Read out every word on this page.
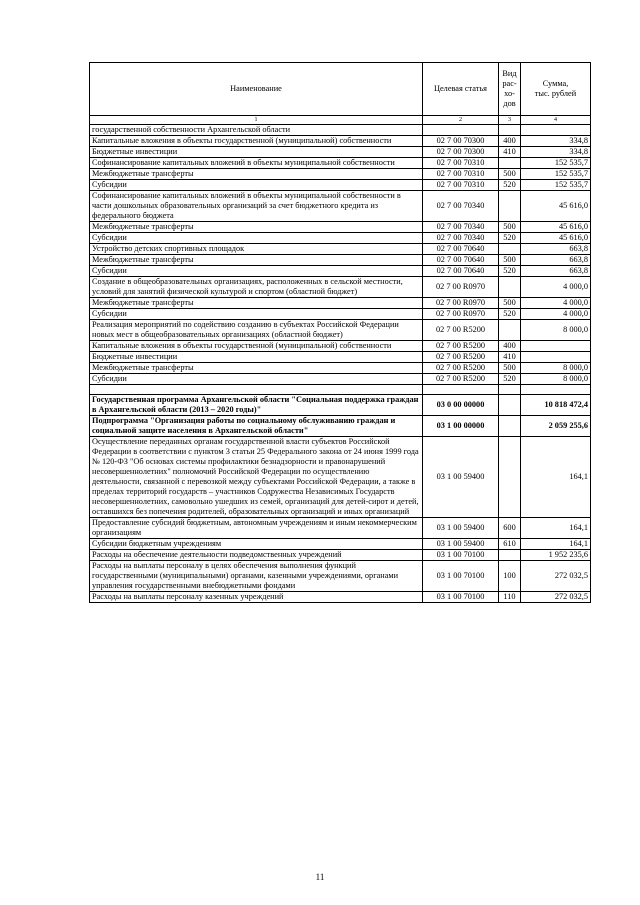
Наименование	Целевая статья	Вид
рас-
хо-
дов	Сумма,
тыс. рублей
1	2	3	4
государственной собственности Архангельской области			
Капитальные вложения в объекты государственной (муниципальной) собственности	02 7 00 70300	400	334,8
Бюджетные инвестиции	02 7 00 70300	410	334,8
Софинансирование капитальных вложений в объекты муниципальной собственности	02 7 00 70310		152 535,7
Межбюджетные трансферты	02 7 00 70310	500	152 535,7
Субсидии	02 7 00 70310	520	152 535,7
Софинансирование капитальных вложений в объекты муниципальной собственности в части дошкольных образовательных организаций за счет бюджетного кредита из федерального бюджета	02 7 00 70340		45 616,0
Межбюджетные трансферты	02 7 00 70340	500	45 616,0
Субсидии	02 7 00 70340	520	45 616,0
Устройство детских спортивных площадок	02 7 00 70640		663,8
Межбюджетные трансферты	02 7 00 70640	500	663,8
Субсидии	02 7 00 70640	520	663,8
Создание в общеобразовательных организациях, расположенных в сельской местности, условий для занятий физической культурой и спортом (областной бюджет)	02 7 00 R0970		4 000,0
Межбюджетные трансферты	02 7 00 R0970	500	4 000,0
Субсидии	02 7 00 R0970	520	4 000,0
Реализация мероприятий по содействию созданию в субъектах Российской Федерации новых мест в общеобразовательных организациях (областной бюджет)	02 7 00 R5200		8 000,0
Капитальные вложения в объекты государственной (муниципальной) собственности	02 7 00 R5200	400	
Бюджетные инвестиции	02 7 00 R5200	410	
Межбюджетные трансферты	02 7 00 R5200	500	8 000,0
Субсидии	02 7 00 R5200	520	8 000,0

Государственная программа Архангельской области "Социальная поддержка граждан в Архангельской области (2013 – 2020 годы)"	03 0 00 00000		10 818 472,4
Подпрограмма "Организация работы по социальному обслуживанию граждан и социальной защите населения в Архангельской области"	03 1 00 00000		2 059 255,6
Осуществление переданных органам государственной власти субъектов Российской Федерации в соответствии с пунктом 3 статьи 25 Федерального закона от 24 июня 1999 года № 120-ФЗ "Об основах системы профилактики безнадзорности и правонарушений несовершеннолетних" полномочий Российской Федерации по осуществлению деятельности, связанной с перевозкой между субъектами Российской Федерации, а также в пределах территорий государств – участников Содружества Независимых Государств несовершеннолетних, самовольно ушедших из семей, организаций для детей-сирот и детей, оставшихся без попечения родителей, образовательных организаций и иных организаций	03 1 00 59400		164,1
Предоставление субсидий бюджетным, автономным учреждениям и иным некоммерческим организациям	03 1 00 59400	600	164,1
Субсидии бюджетным учреждениям	03 1 00 59400	610	164,1
Расходы на обеспечение деятельности подведомственных учреждений	03 1 00 70100		1 952 235,6
Расходы на выплаты персоналу в целях обеспечения выполнения функций государственными (муниципальными) органами, казенными учреждениями, органами управления государственными внебюджетными фондами	03 1 00 70100	100	272 032,5
Расходы на выплаты персоналу казенных учреждений	03 1 00 70100	110	272 032,5
11
